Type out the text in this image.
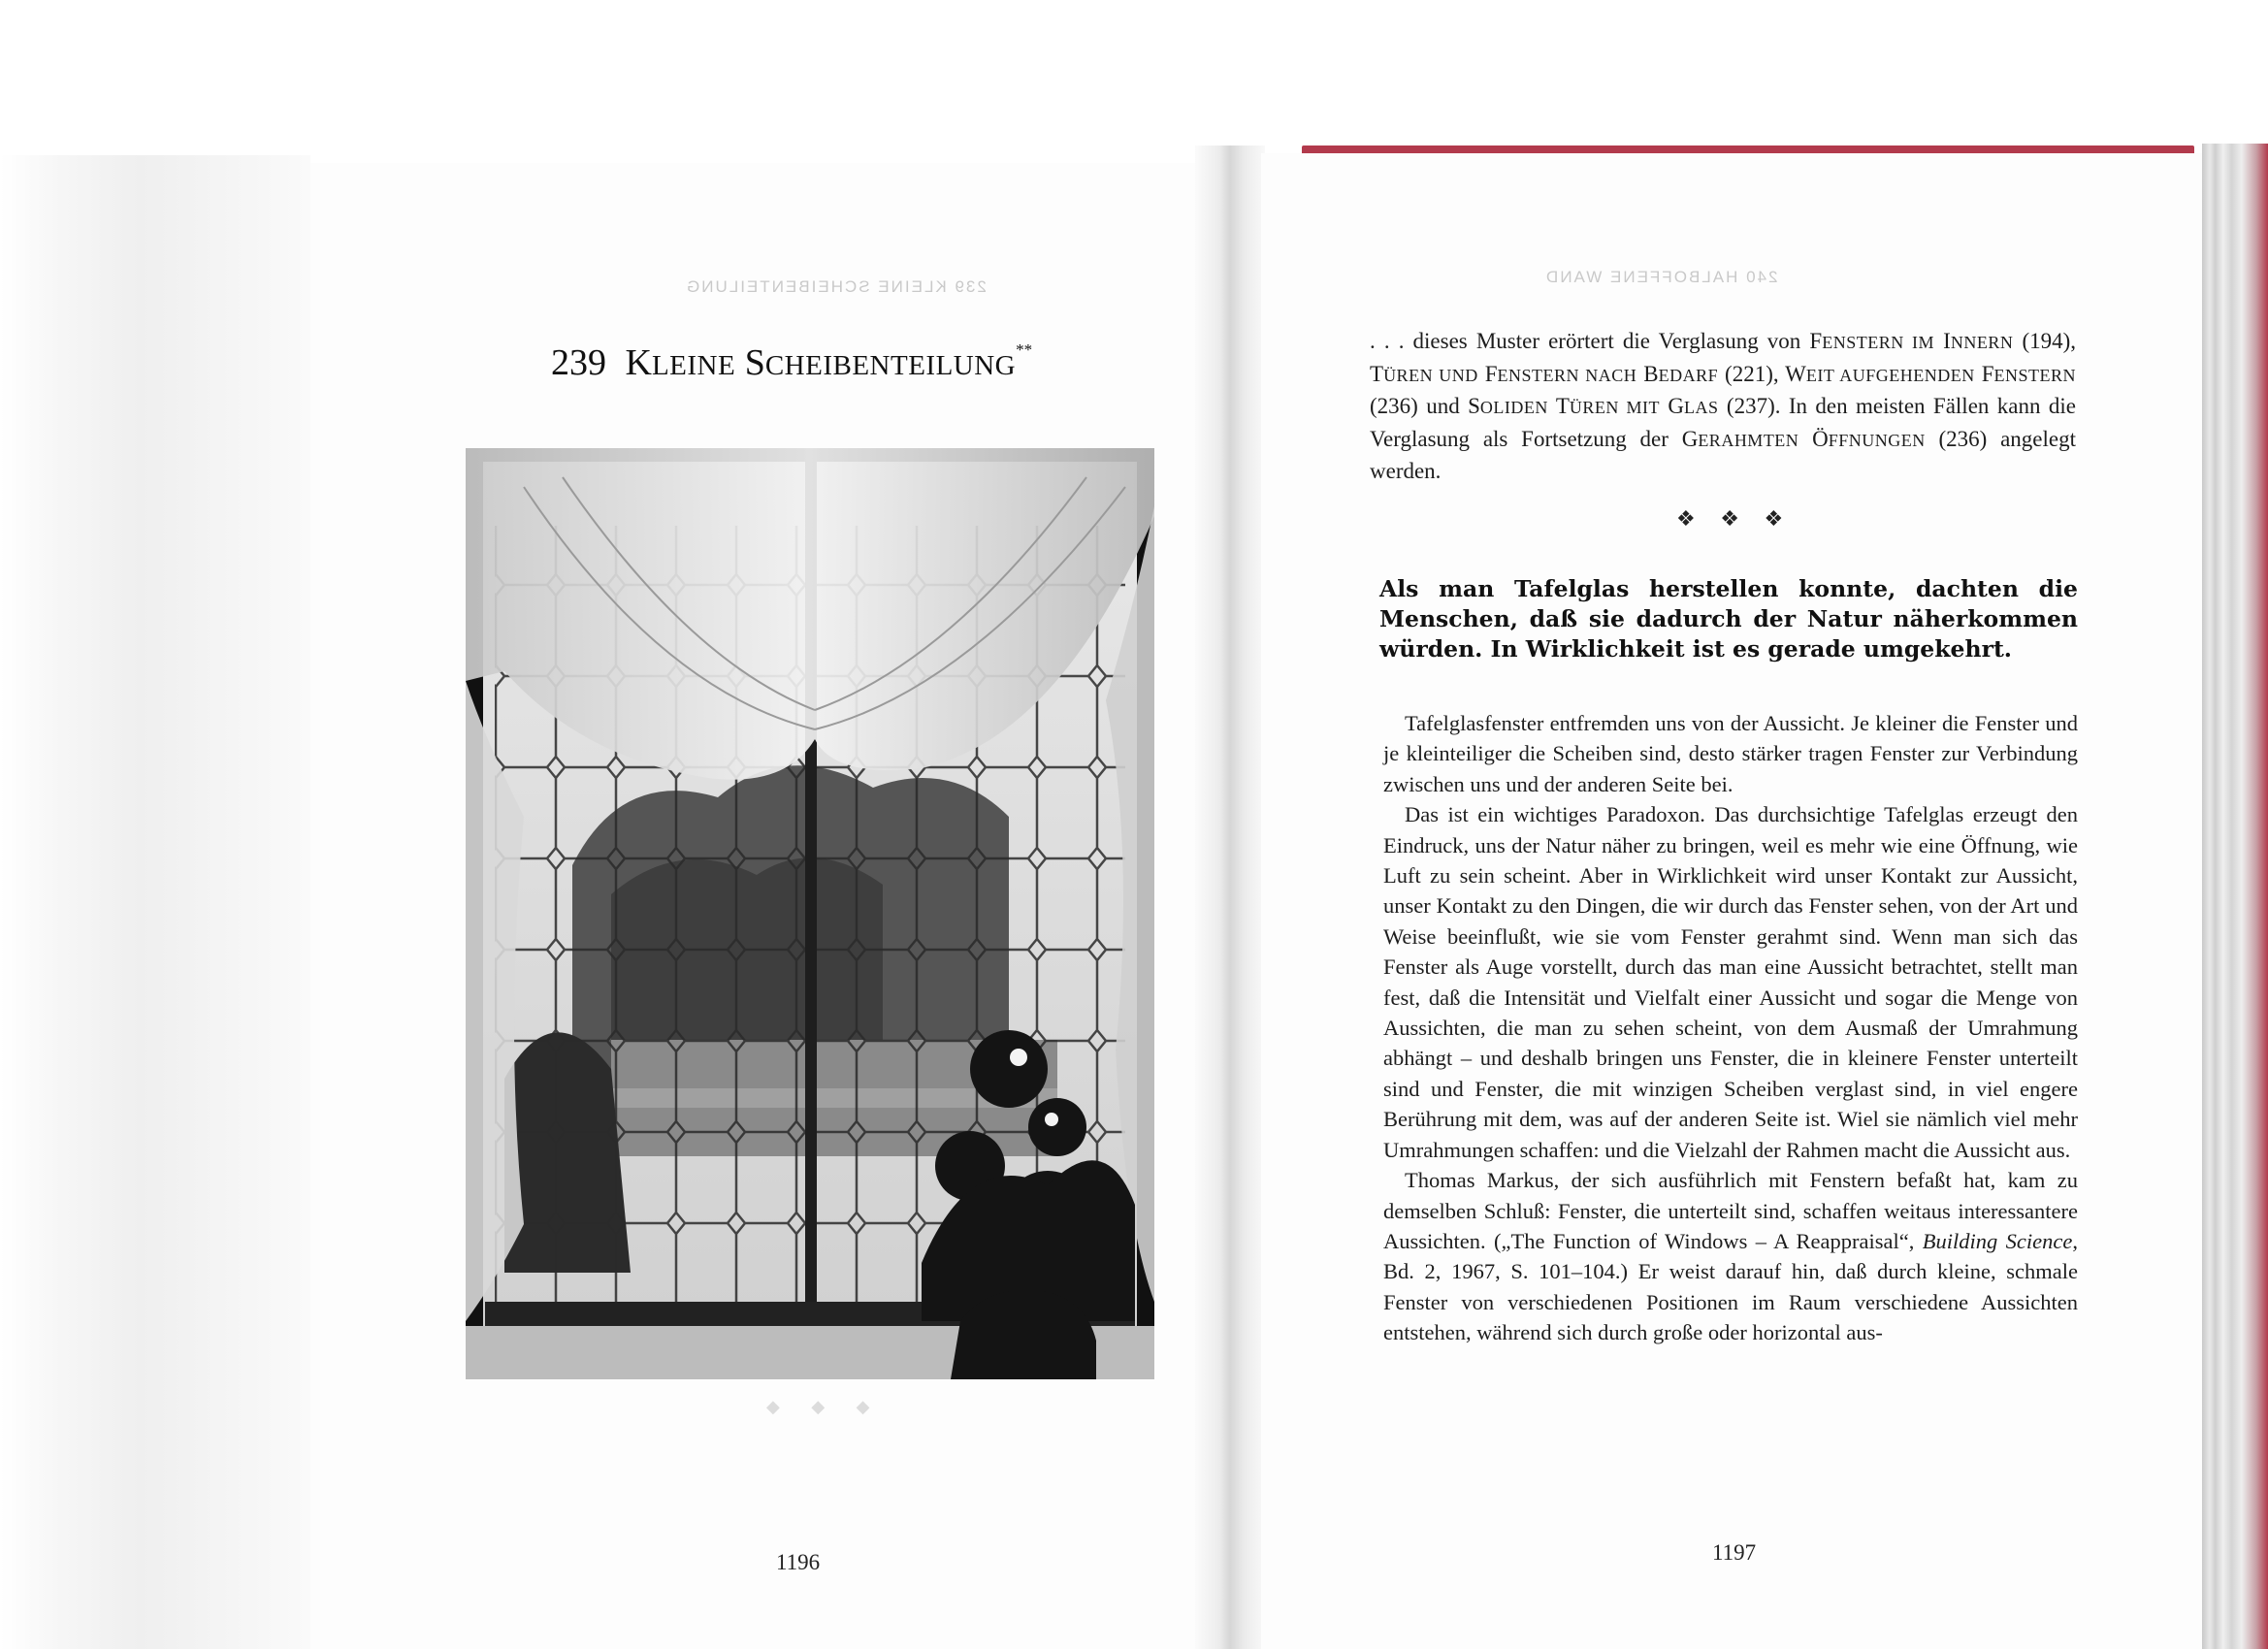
239 KLEINE SCHEIBENTEILUNG
239 KLEINE SCHEIBENTEILUNG**
◆ ◆ ◆
1196
240 HALBOFFENE WAND
. . . dieses Muster erörtert die Verglasung von FENSTERN IM INNERN (194), TÜREN UND FENSTERN NACH BEDARF (221), WEIT AUFGEHENDEN FENSTERN (236) und SOLIDEN TÜREN MIT GLAS (237). In den meisten Fällen kann die Verglasung als Fortsetzung der GERAHMTEN ÖFFNUNGEN (236) angelegt werden.
❖ ❖ ❖
Als man Tafelglas herstellen konnte, dachten die Menschen, daß sie dadurch der Natur näherkommen würden. In Wirklichkeit ist es gerade umgekehrt.

Tafelglasfenster entfremden uns von der Aussicht. Je kleiner die Fenster und je kleinteiliger die Scheiben sind, desto stärker tragen Fenster zur Verbindung zwischen uns und der anderen Seite bei.

Das ist ein wichtiges Paradoxon. Das durchsichtige Tafelglas erzeugt den Eindruck, uns der Natur näher zu bringen, weil es mehr wie eine Öffnung, wie Luft zu sein scheint. Aber in Wirklichkeit wird unser Kontakt zur Aussicht, unser Kontakt zu den Dingen, die wir durch das Fenster sehen, von der Art und Weise beeinflußt, wie sie vom Fenster gerahmt sind. Wenn man sich das Fenster als Auge vorstellt, durch das man eine Aussicht betrachtet, stellt man fest, daß die Intensität und Vielfalt einer Aussicht und sogar die Menge von Aussichten, die man zu sehen scheint, von dem Ausmaß der Umrahmung abhängt – und deshalb bringen uns Fenster, die in kleinere Fenster unterteilt sind und Fenster, die mit winzigen Scheiben verglast sind, in viel engere Berührung mit dem, was auf der anderen Seite ist. Wiel sie nämlich viel mehr Umrahmungen schaffen: und die Vielzahl der Rahmen macht die Aussicht aus.

Thomas Markus, der sich ausführlich mit Fenstern befaßt hat, kam zu demselben Schluß: Fenster, die unterteilt sind, schaffen weitaus interessantere Aussichten. („The Function of Windows – A Reappraisal“, Building Science, Bd. 2, 1967, S. 101–104.) Er weist darauf hin, daß durch kleine, schmale Fenster von verschiedenen Positionen im Raum verschiedene Aussichten entstehen, während sich durch große oder horizontal aus-

1197
